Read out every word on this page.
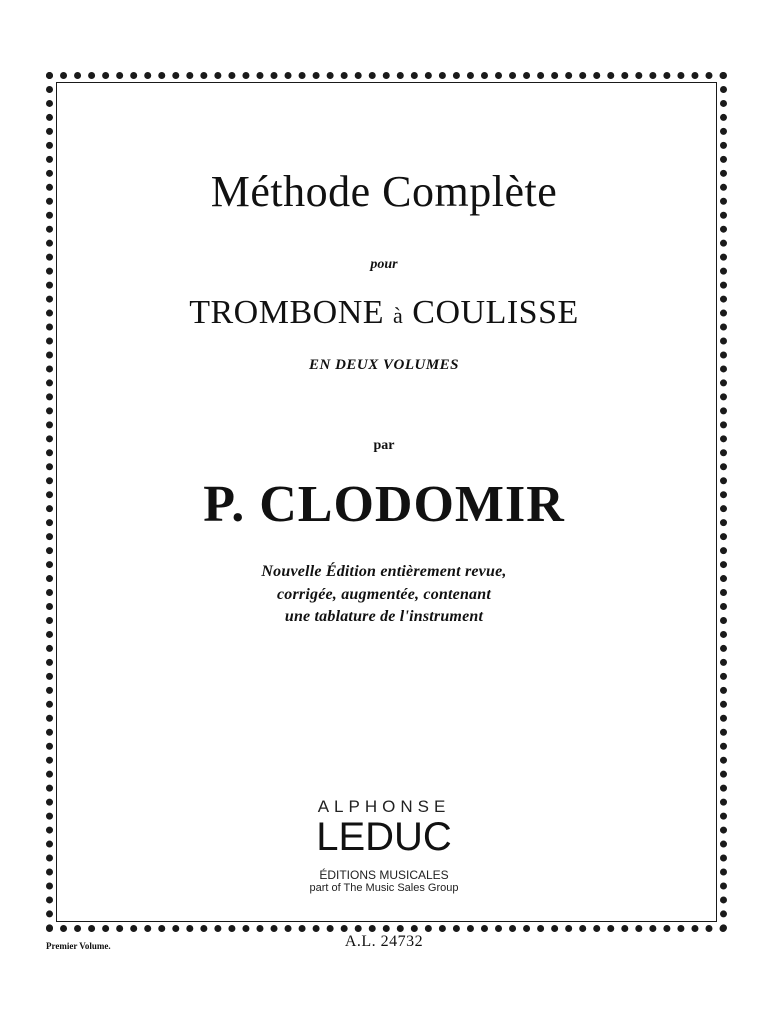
Méthode Complète
pour
TROMBONE à COULISSE
EN DEUX VOLUMES
par
P. CLODOMIR
Nouvelle Édition entièrement revue,
corrigée, augmentée, contenant
une tablature de l'instrument
ALPHONSE
LEDUC
ÉDITIONS MUSICALES
part of The Music Sales Group
Premier Volume.	A.L. 24732
